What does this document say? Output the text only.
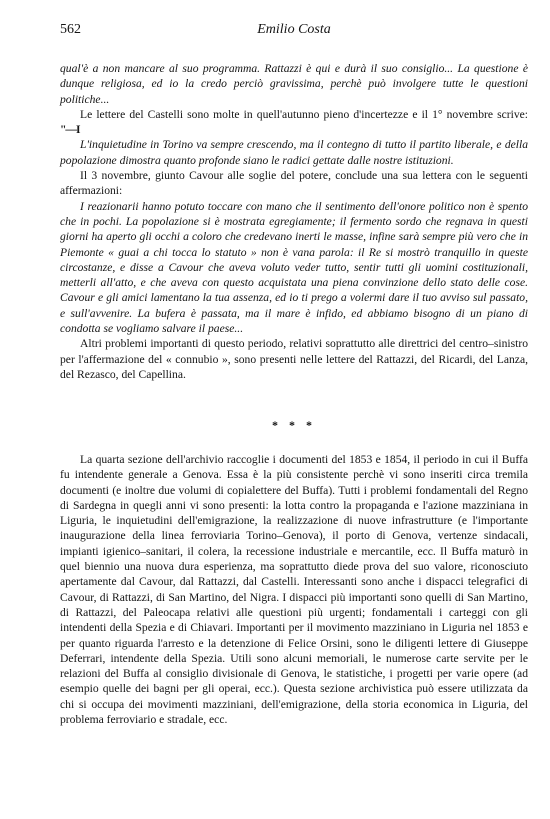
562	Emilio Costa

qual'è a non mancare al suo programma. Rattazzi è qui e durà il suo consiglio... La questione è dunque religiosa, ed io la credo perciò gravissima, perchè può involgere tutte le questioni politiche...

Le lettere del Castelli sono molte in quell'autunno pieno d'incertezze e il 1° novembre scrive: "—I

L'inquietudine in Torino va sempre crescendo, ma il contegno di tutto il partito liberale, e della popolazione dimostra quanto profonde siano le radici gettate dalle nostre istituzioni.

Il 3 novembre, giunto Cavour alle soglie del potere, conclude una sua lettera con le seguenti affermazioni:

I reazionarii hanno potuto toccare con mano che il sentimento dell'onore politico non è spento che in pochi. La popolazione si è mostrata egregiamente; il fermento sordo che regnava in questi giorni ha aperto gli occhi a coloro che credevano inerti le masse, infine sarà sempre più vero che in Piemonte « guai a chi tocca lo statuto » non è vana parola: il Re si mostrò tranquillo in queste circostanze, e disse a Cavour che aveva voluto veder tutto, sentir tutti gli uomini costituzionali, metterli all'atto, e che aveva con questo acquistata una piena convinzione dello stato delle cose. Cavour e gli amici lamentano la tua assenza, ed io ti prego a volermi dare il tuo avviso sul passato, e sull'avvenire. La bufera è passata, ma il mare è infido, ed abbiamo bisogno di un piano di condotta se vogliamo salvare il paese...

Altri problemi importanti di questo periodo, relativi soprattutto alle direttrici del centro–sinistro per l'affermazione del « connubio », sono presenti nelle lettere del Rattazzi, del Ricardi, del Lanza, del Rezasco, del Capellina.

* * *

La quarta sezione dell'archivio raccoglie i documenti del 1853 e 1854, il periodo in cui il Buffa fu intendente generale a Genova. Essa è la più consistente perchè vi sono inseriti circa tremila documenti (e inoltre due volumi di copialettere del Buffa). Tutti i problemi fondamentali del Regno di Sardegna in quegli anni vi sono presenti: la lotta contro la propaganda e l'azione mazziniana in Liguria, le inquietudini dell'emigrazione, la realizzazione di nuove infrastrutture (e l'importante inaugurazione della linea ferroviaria Torino–Genova), il porto di Genova, vertenze sindacali, impianti igienico–sanitari, il colera, la recessione industriale e mercantile, ecc. Il Buffa maturò in quel biennio una nuova dura esperienza, ma soprattutto diede prova del suo valore, riconosciuto apertamente dal Cavour, dal Rattazzi, dal Castelli. Interessanti sono anche i dispacci telegrafici di Cavour, di Rattazzi, di San Martino, del Nigra. I dispacci più importanti sono quelli di San Martino, di Rattazzi, del Paleocapa relativi alle questioni più urgenti; fondamentali i carteggi con gli intendenti della Spezia e di Chiavari. Importanti per il movimento mazziniano in Liguria nel 1853 e per quanto riguarda l'arresto e la detenzione di Felice Orsini, sono le diligenti lettere di Giuseppe Deferrari, intendente della Spezia. Utili sono alcuni memoriali, le numerose carte servite per le relazioni del Buffa al consiglio divisionale di Genova, le statistiche, i progetti per varie opere (ad esempio quelle dei bagni per gli operai, ecc.). Questa sezione archivistica può essere utilizzata da chi si occupa dei movimenti mazziniani, dell'emigrazione, della storia economica in Liguria, del problema ferroviario e stradale, ecc.
